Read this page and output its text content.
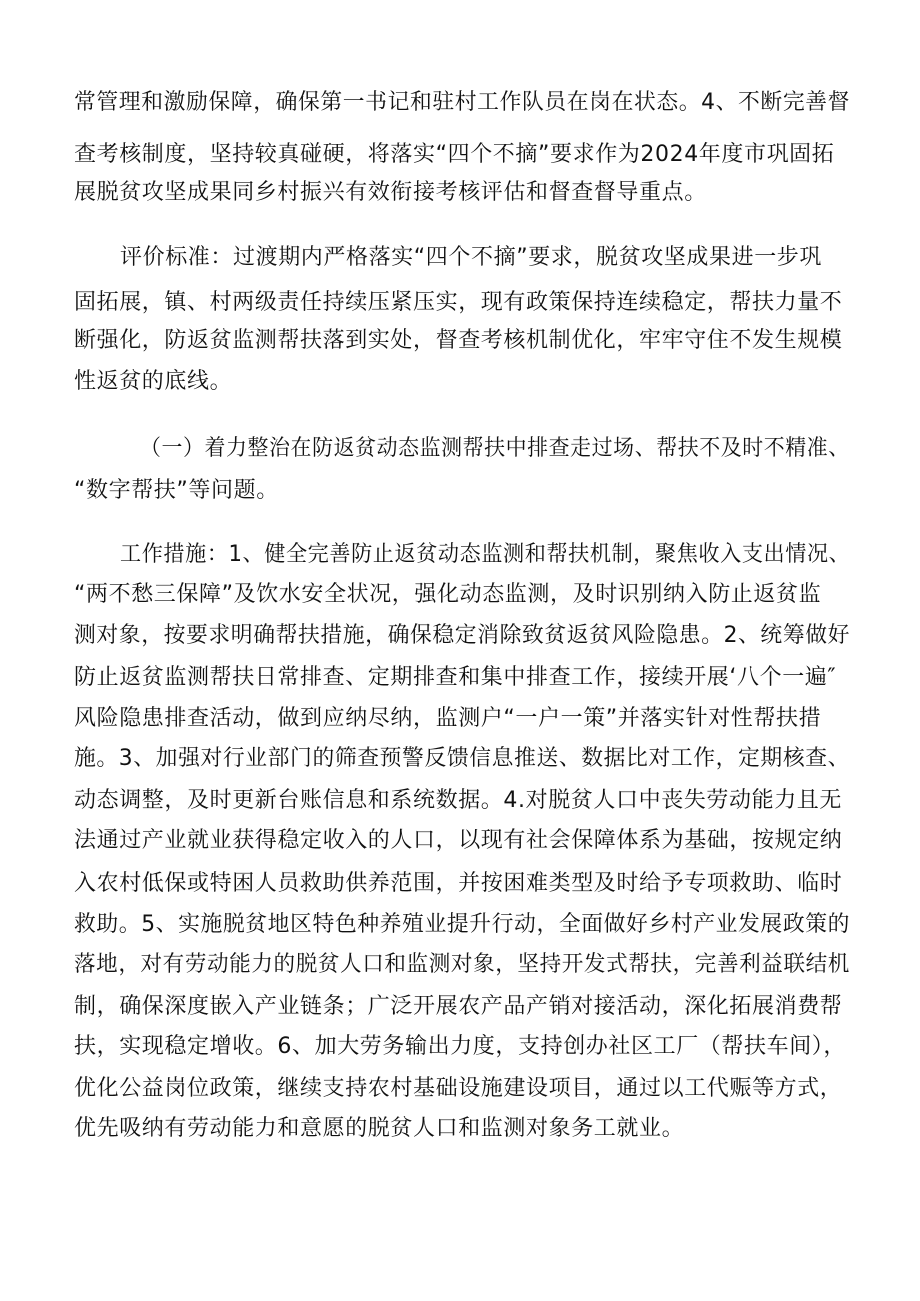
常管理和激励保障，确保第一书记和驻村工作队员在岗在状态。4、不断完善督
查考核制度，坚持较真碰硬，将落实“四个不摘”要求作为2024年度市巩固拓
展脱贫攻坚成果同乡村振兴有效衔接考核评估和督查督导重点。
评价标准：过渡期内严格落实“四个不摘”要求，脱贫攻坚成果进一步巩
固拓展，镇、村两级责任持续压紧压实，现有政策保持连续稳定，帮扶力量不
断强化，防返贫监测帮扶落到实处，督查考核机制优化，牢牢守住不发生规模
性返贫的底线。
（一）着力整治在防返贫动态监测帮扶中排查走过场、帮扶不及时不精准、
“数字帮扶”等问题。
工作措施：1、健全完善防止返贫动态监测和帮扶机制，聚焦收入支出情况、
“两不愁三保障”及饮水安全状况，强化动态监测，及时识别纳入防止返贫监
测对象，按要求明确帮扶措施，确保稳定消除致贫返贫风险隐患。2、统筹做好
防止返贫监测帮扶日常排查、定期排查和集中排查工作，接续开展‘八个一遍″
风险隐患排查活动，做到应纳尽纳，监测户“一户一策”并落实针对性帮扶措
施。3、加强对行业部门的筛查预警反馈信息推送、数据比对工作，定期核查、
动态调整，及时更新台账信息和系统数据。4.对脱贫人口中丧失劳动能力且无
法通过产业就业获得稳定收入的人口，以现有社会保障体系为基础，按规定纳
入农村低保或特困人员救助供养范围，并按困难类型及时给予专项救助、临时
救助。5、实施脱贫地区特色种养殖业提升行动，全面做好乡村产业发展政策的
落地，对有劳动能力的脱贫人口和监测对象，坚持开发式帮扶，完善利益联结机
制，确保深度嵌入产业链条；广泛开展农产品产销对接活动，深化拓展消费帮
扶，实现稳定增收。6、加大劳务输出力度，支持创办社区工厂（帮扶车间），
优化公益岗位政策，继续支持农村基础设施建设项目，通过以工代赈等方式，
优先吸纳有劳动能力和意愿的脱贫人口和监测对象务工就业。
